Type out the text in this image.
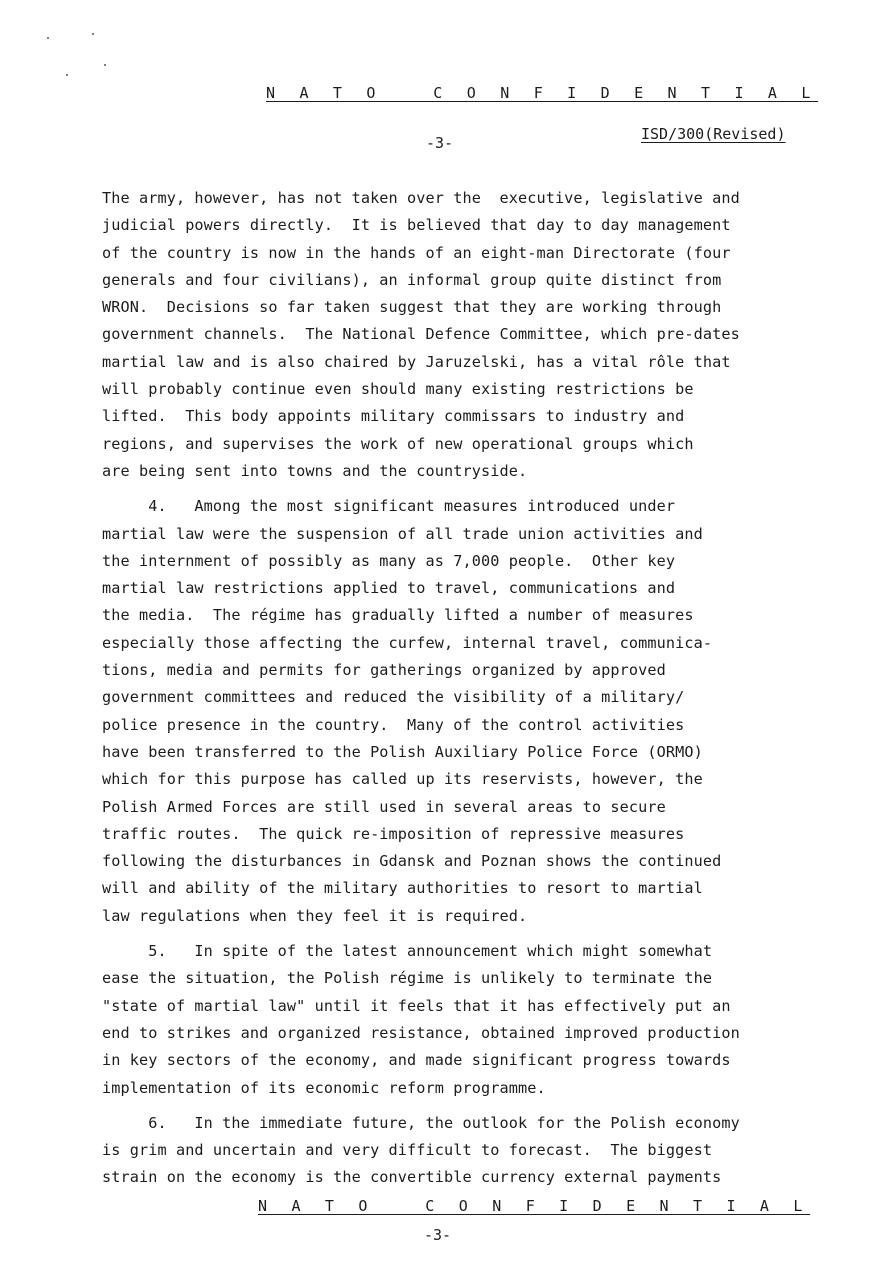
N A T O   C O N F I D E N T I A L
ISD/300(Revised)
-3-
The army, however, has not taken over the  executive, legislative and
judicial powers directly.  It is believed that day to day management
of the country is now in the hands of an eight-man Directorate (four
generals and four civilians), an informal group quite distinct from
WRON.  Decisions so far taken suggest that they are working through
government channels.  The National Defence Committee, which pre-dates
martial law and is also chaired by Jaruzelski, has a vital rôle that
will probably continue even should many existing restrictions be
lifted.  This body appoints military commissars to industry and
regions, and supervises the work of new operational groups which
are being sent into towns and the countryside.
4.   Among the most significant measures introduced under
martial law were the suspension of all trade union activities and
the internment of possibly as many as 7,000 people.  Other key
martial law restrictions applied to travel, communications and
the media.  The régime has gradually lifted a number of measures
especially those affecting the curfew, internal travel, communica-
tions, media and permits for gatherings organized by approved
government committees and reduced the visibility of a military/
police presence in the country.  Many of the control activities
have been transferred to the Polish Auxiliary Police Force (ORMO)
which for this purpose has called up its reservists, however, the
Polish Armed Forces are still used in several areas to secure
traffic routes.  The quick re-imposition of repressive measures
following the disturbances in Gdansk and Poznan shows the continued
will and ability of the military authorities to resort to martial
law regulations when they feel it is required.
5.   In spite of the latest announcement which might somewhat
ease the situation, the Polish régime is unlikely to terminate the
"state of martial law" until it feels that it has effectively put an
end to strikes and organized resistance, obtained improved production
in key sectors of the economy, and made significant progress towards
implementation of its economic reform programme.
6.   In the immediate future, the outlook for the Polish economy
is grim and uncertain and very difficult to forecast.  The biggest
strain on the economy is the convertible currency external payments
N A T O   C O N F I D E N T I A L
-3-
